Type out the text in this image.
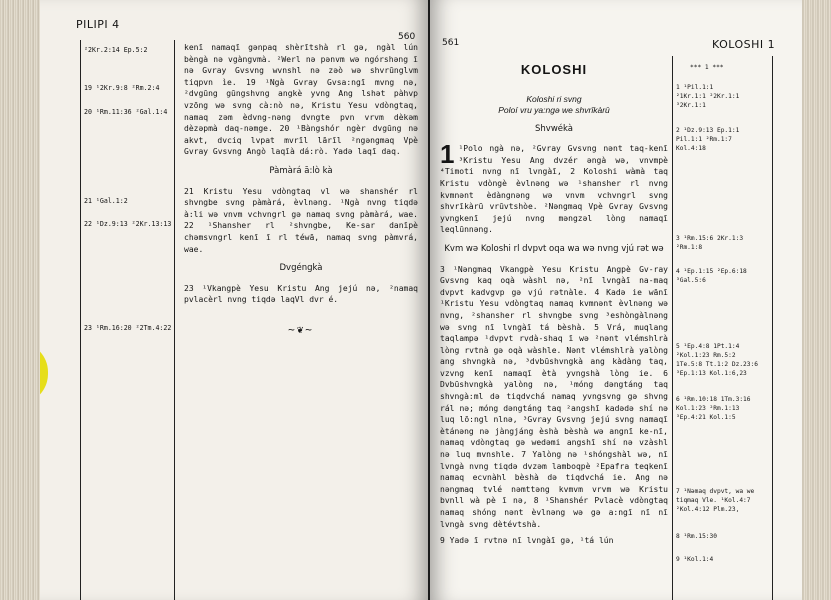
PILIPI 4
560
²2Kr.2:14 Ep.5:2
19 ¹2Kr.9:8 ²Rm.2:4
20 ¹Rm.11:36 ²Gal.1:4
21 ¹Gal.1:2
22 ¹Dz.9:13 ²2Kr.13:13
23 ¹Rm.16:20 ²2Tm.4:22

kenī namaqī gənpaq shèrītshà rl gə, ngàl lún bèngà nə vgàngvmà. ²Werl nə pənvm wə ngórshəng ī nə Gvray Gvsvng wvnshl nə zəò wə shvrūnglvm tiqpvn ìe. 19 ¹Ngà Gvray Gvsa:ngī mvng nə, ²dvgūng gūngshvng angkè yvng Ang lshət pàhvp vzōng wə svng cà:nò nə, Kristu Yesu vdòngtaq, namaq zəm èdvng-nəng dvngte pvn vrvm dèkəm dèzəpmà daq-nəmge. 20 ¹Bàngshór ngèr dvgūng nə akvt, dvciq lvpat mvrīl lārīl ²ngəngmaq Vpè Gvray Gvsvng Angò laqīà dá:rò. Yadə laqī daq.

Pàmàrá ā:lò kà

21 Kristu Yesu vdòngtaq vl wə shanshér rl shvngbe svng pàmàrá, èvlnəng. ¹Ngà nvng tiqdə à:li wə vnvm vchvngrl gə namaq svng pàmàrá, wae. 22 ¹Shansher rl ²shvngbe, Ke-sar danīpè chəmsvngrl kenī ī rl téwā, namaq svng pàmvrá, wae.

Dvgéngkà

23 ¹Vkangpè Yesu Kristu Ang jejú nə, ²namaq pvlacèrl nvng tiqdə laqVl dvr é.

~❦~
561	KOLOSHI 1
KOLOSHI
Koloshi ri svng
Poloí vru ya:ngə we shvrīkàrū
Shvwékà

1 ¹Polo ngà nə, ²Gvray Gvsvng nənt taq-kenī ³Kristu Yesu Ang dvzér əngà wə, vnvmpè ⁴Timoti nvng nī lvngàī, 2 Koloshi wàmà taq Kristu vdòngè èvlnəng wə ¹shansher rl nvng kvmnənt èdàngnəng wə vnvm vchvngrl svng shvrīkàrū vrūvtshòe. ²Nəngmaq Vpè Gvray Gvsvng yvngkenī jejú nvng məngzəl lòng namaqī leqlūnnəng.

Kvm wə Koloshi rl dvpvt oqa wa wə nvng vjú rət wə

3 ¹Nəngmaq Vkangpè Yesu Kristu Angpè Gv-ray Gvsvng kaq oqà wàshl nə, ²nī lvngàī na-maq dvpvt kadvgvp gə vjú rətnàle. 4 Kadə ie wānī ¹Kristu Yesu vdòngtaq namaq kvmnənt èvlnəng wə nvng, ²shansher rl shvngbe svng ³eshòngàlnəng wə svng nī lvngàī tá bèshà. 5 Vrá, muqlang taqlampə ¹dvpvt rvdà-shaq ī wə ²nənt vlémshlrà lòng rvtnà gə oqà wàshle. Nənt vlémshlrà yalòng ang shvngkà nə, ³dvbūshvngkà ang kàdàng taq, vzvng kenī namaqī ètà yvngshà lòng ie. 6 Dvbūshvngkà yalòng nə, ¹móng dəngtáng taq shvngà:ml də tiqdvchá namaq yvngsvng gə shvng rál nə; móng dəngtáng taq ²angshī kadədə shí nə luq lō:ngl nlnə, ³Gvray Gvsvng jejú svng namaqī ètánəng nə jàngjáng èshà bèshà wə angnī ke-nī, namaq vdòngtaq gə wedəmi angshī shí nə vzàshl nə luq mvnshle. 7 Yalòng nə ¹shóngshàl wə, nī lvngà nvng tiqdə dvzəm lamboqpè ²Epafra teqkenī namaq ecvnàhl bèshà də tiqdvchá ie. Ang nə nəngmaq tvlé nəmttəng kvmvm vrvm wə Kristu bvnll wà pè ī nə, 8 ¹Shanshér Pvlacè vdòngtaq namaq shóng nənt èvlnəng wə gə a:ngī nī nī lvngà svng dètévtshà.

9 Yadə ī rvtnə nī lvngàī gə, ¹tá lún

*** 1 ***
1 ¹Pil.1:1
²1Kr.1:1 ²2Kr.1:1
³2Kr.1:1
2 ¹Dz.9:13 Ep.1:1
Pil.1:1 ²Rm.1:7
Kol.4:18
3 ¹Rm.15:6 2Kr.1:3
²Rm.1:8
4 ¹Ep.1:15 ²Ep.6:18
³Gal.5:6
5 ¹Ep.4:8 1Pt.1:4
²Kol.1:23 Rm.5:2
1Te.5:8 Tt.1:2 Dz.23:6
³Ep.1:13 Kol.1:6,23
6 ¹Rm.10:18 1Tm.3:16
Kol.1:23 ²Rm.1:13
³Ep.4:21 Kol.1:5
7 ¹Nəmaq dvpvt, wa we
tiqmaq Vle. ¹Kol.4:7
²Kol.4:12 Plm.23,
8 ¹Rm.15:30
9 ¹Kol.1:4
